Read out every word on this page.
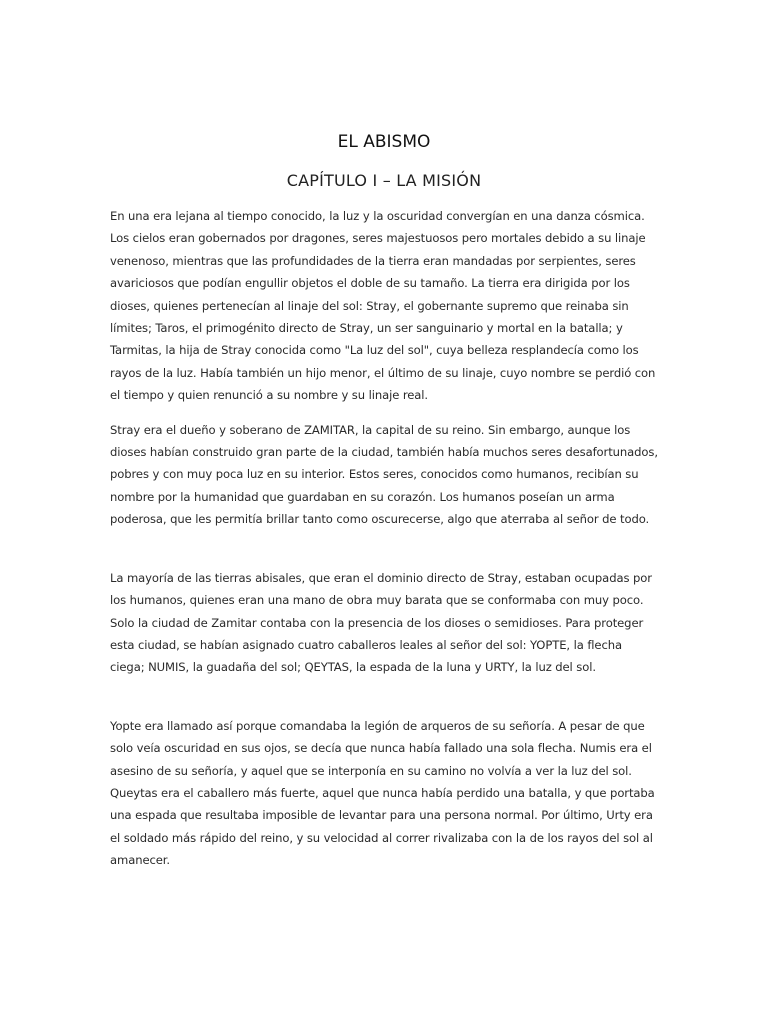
EL ABISMO
CAPÍTULO I – LA MISIÓN

En una era lejana al tiempo conocido, la luz y la oscuridad convergían en una danza cósmica. Los cielos eran gobernados por dragones, seres majestuosos pero mortales debido a su linaje venenoso, mientras que las profundidades de la tierra eran mandadas por serpientes, seres avariciosos que podían engullir objetos el doble de su tamaño. La tierra era dirigida por los dioses, quienes pertenecían al linaje del sol: Stray, el gobernante supremo que reinaba sin límites; Taros, el primogénito directo de Stray, un ser sanguinario y mortal en la batalla; y Tarmitas, la hija de Stray conocida como "La luz del sol", cuya belleza resplandecía como los rayos de la luz. Había también un hijo menor, el último de su linaje, cuyo nombre se perdió con el tiempo y quien renunció a su nombre y su linaje real.

Stray era el dueño y soberano de ZAMITAR, la capital de su reino. Sin embargo, aunque los dioses habían construido gran parte de la ciudad, también había muchos seres desafortunados, pobres y con muy poca luz en su interior. Estos seres, conocidos como humanos, recibían su nombre por la humanidad que guardaban en su corazón. Los humanos poseían un arma poderosa, que les permitía brillar tanto como oscurecerse, algo que aterraba al señor de todo.

La mayoría de las tierras abisales, que eran el dominio directo de Stray, estaban ocupadas por los humanos, quienes eran una mano de obra muy barata que se conformaba con muy poco. Solo la ciudad de Zamitar contaba con la presencia de los dioses o semidioses. Para proteger esta ciudad, se habían asignado cuatro caballeros leales al señor del sol: YOPTE, la flecha ciega; NUMIS, la guadaña del sol; QEYTAS, la espada de la luna y URTY, la luz del sol.

Yopte era llamado así porque comandaba la legión de arqueros de su señoría. A pesar de que solo veía oscuridad en sus ojos, se decía que nunca había fallado una sola flecha. Numis era el asesino de su señoría, y aquel que se interponía en su camino no volvía a ver la luz del sol. Queytas era el caballero más fuerte, aquel que nunca había perdido una batalla, y que portaba una espada que resultaba imposible de levantar para una persona normal. Por último, Urty era el soldado más rápido del reino, y su velocidad al correr rivalizaba con la de los rayos del sol al amanecer.
